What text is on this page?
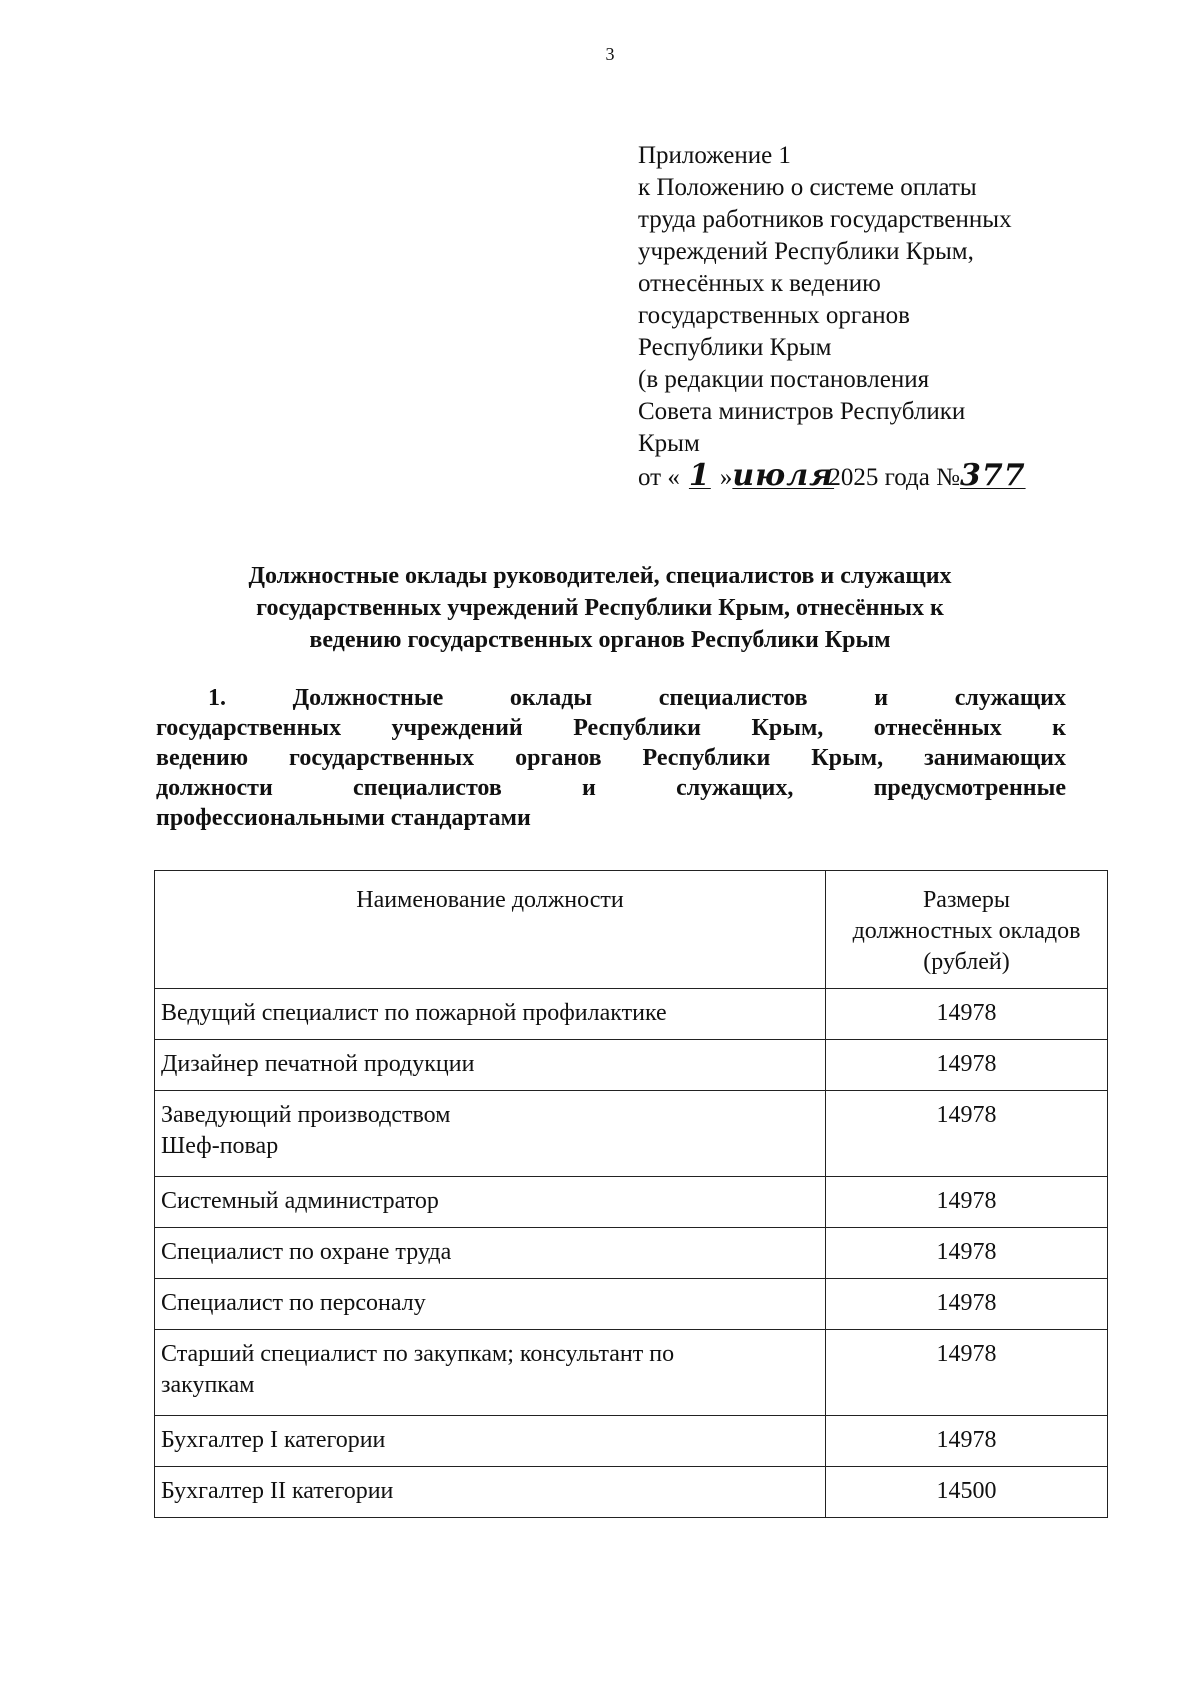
3
Приложение 1
к Положению о системе оплаты
труда работников государственных
учреждений Республики Крым,
отнесённых к ведению
государственных органов
Республики Крым
(в редакции постановления
Совета министров Республики
Крым
от « 1 »июля2025 года №377
Должностные оклады руководителей, специалистов и служащих
государственных учреждений Республики Крым, отнесённых к
ведению государственных органов Республики Крым
1. Должностные оклады специалистов и служащих
государственных учреждений Республики Крым, отнесённых к
ведению государственных органов Республики Крым, занимающих
должности специалистов и служащих, предусмотренные
профессиональными стандартами
Наименование должности	Размеры
должностных окладов
(рублей)

Ведущий специалист по пожарной профилактике	14978
Дизайнер печатной продукции	14978

Заведующий производством
Шеф-повар	14978
Системный администратор	14978
Специалист по охране труда	14978
Специалист по персоналу	14978

Старший специалист по закупкам; консультант по
закупкам	14978
Бухгалтер I категории	14978
Бухгалтер II категории	14500
